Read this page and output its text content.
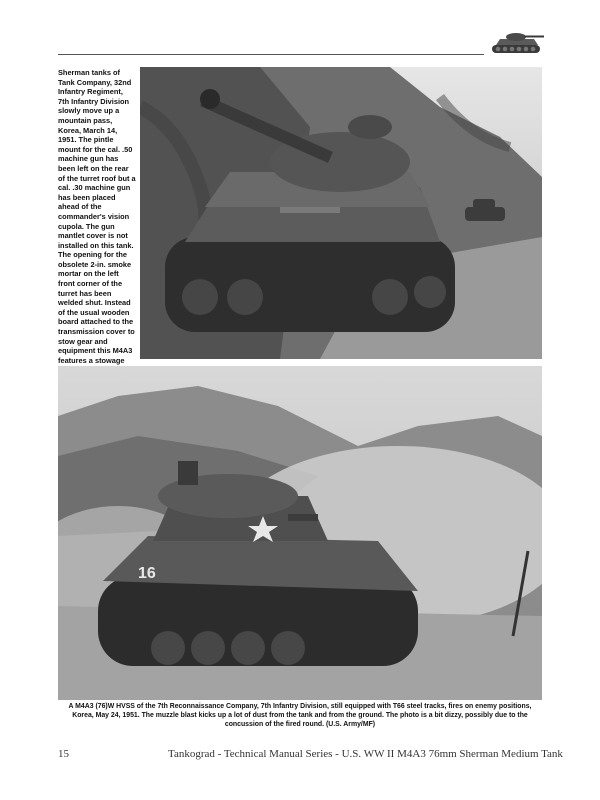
Sherman tanks of Tank Company, 32nd Infantry Regiment, 7th Infantry Division slowly move up a mountain pass, Korea, March 14, 1951. The pintle mount for the cal. .50 machine gun has been left on the rear of the turret roof but a cal. .30 machine gun has been placed ahead of the commander's vision cupola. The gun mantlet cover is not installed on this tank. The opening for the obsolete 2-in. smoke mortar on the left front corner of the turret has been welded shut. Instead of the usual wooden board attached to the transmission cover to stow gear and equipment this M4A3 features a stowage
16
A M4A3 (76)W HVSS of the 7th Reconnaissance Company, 7th Infantry Division, still equipped with T66 steel tracks, fires on enemy positions, Korea, May 24, 1951. The muzzle blast kicks up a lot of dust from the tank and from the ground. The photo is a bit dizzy, possibly due to the concussion of the fired round. (U.S. Army/MF)
15	Tankograd - Technical Manual Series - U.S. WW II M4A3 76mm Sherman Medium Tank
